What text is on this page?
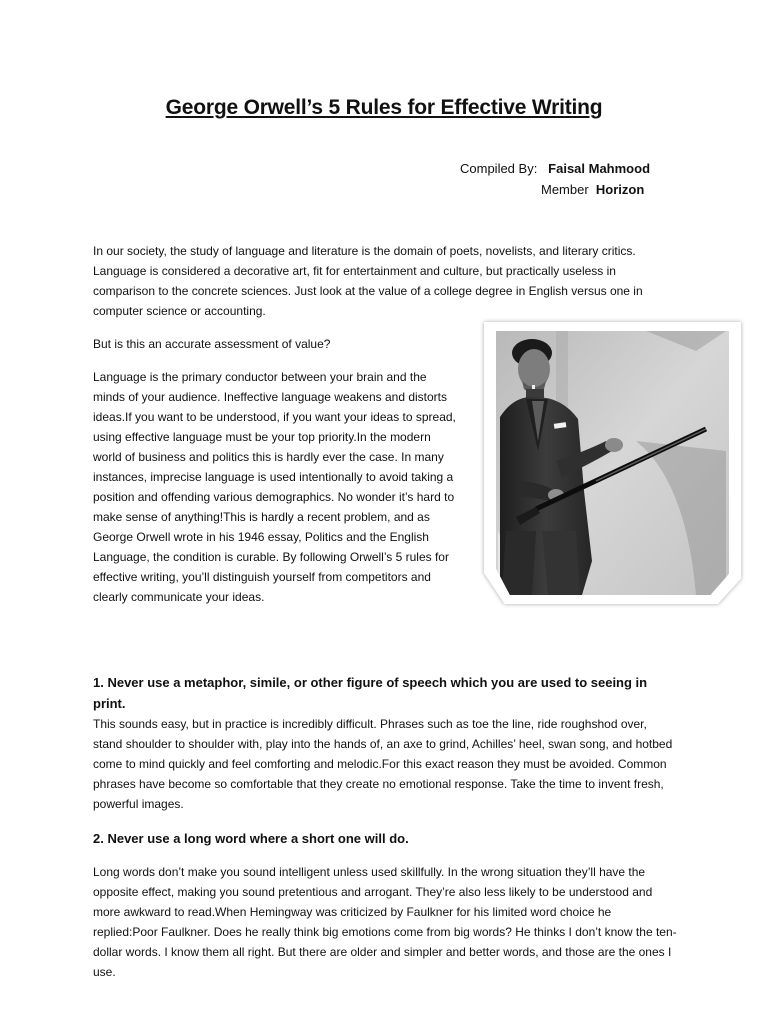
George Orwell’s 5 Rules for Effective Writing
Compiled By: Faisal Mahmood
Member Horizon

In our society, the study of language and literature is the domain of poets, novelists, and literary critics. Language is considered a decorative art, fit for entertainment and culture, but practically useless in comparison to the concrete sciences. Just look at the value of a college degree in English versus one in computer science or accounting.

But is this an accurate assessment of value?

Language is the primary conductor between your brain and the minds of your audience. Ineffective language weakens and distorts ideas.If you want to be understood, if you want your ideas to spread, using effective language must be your top priority.In the modern world of business and politics this is hardly ever the case. In many instances, imprecise language is used intentionally to avoid taking a position and offending various demographics. No wonder it’s hard to make sense of anything!This is hardly a recent problem, and as George Orwell wrote in his 1946 essay, Politics and the English Language, the condition is curable. By following Orwell’s 5 rules for effective writing, you’ll distinguish yourself from competitors and clearly communicate your ideas.

1. Never use a metaphor, simile, or other figure of speech which you are used to seeing in print.

This sounds easy, but in practice is incredibly difficult. Phrases such as toe the line, ride roughshod over, stand shoulder to shoulder with, play into the hands of, an axe to grind, Achilles’ heel, swan song, and hotbed come to mind quickly and feel comforting and melodic.For this exact reason they must be avoided. Common phrases have become so comfortable that they create no emotional response. Take the time to invent fresh, powerful images.

2. Never use a long word where a short one will do.

Long words don’t make you sound intelligent unless used skillfully. In the wrong situation they’ll have the opposite effect, making you sound pretentious and arrogant. They’re also less likely to be understood and more awkward to read.When Hemingway was criticized by Faulkner for his limited word choice he replied:Poor Faulkner. Does he really think big emotions come from big words? He thinks I don’t know the ten-dollar words. I know them all right. But there are older and simpler and better words, and those are the ones I use.
